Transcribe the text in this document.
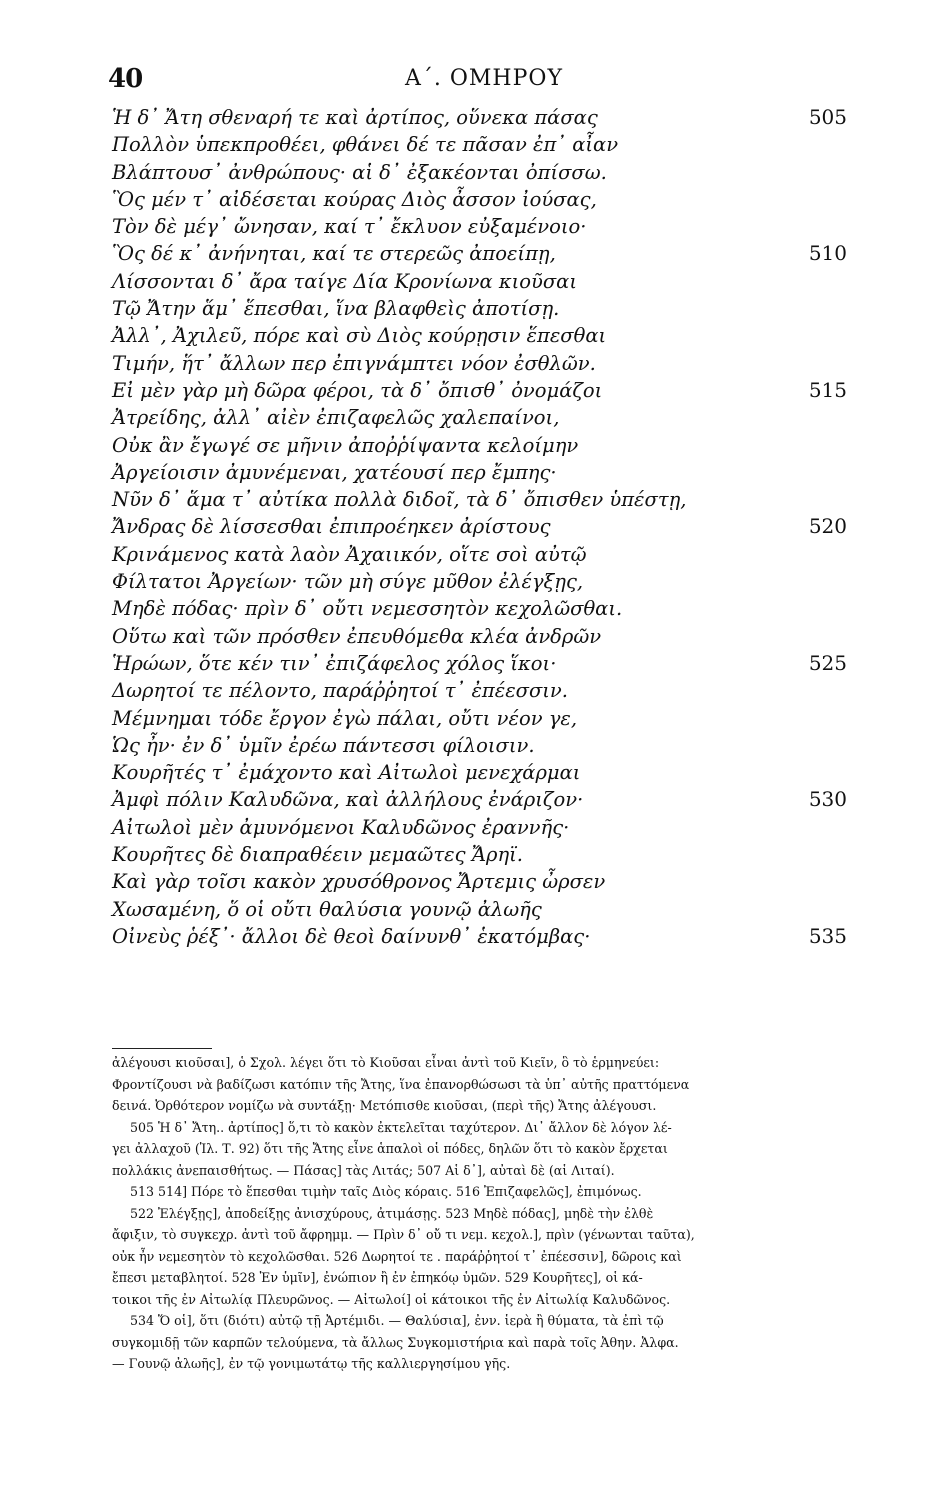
40	Α΄. ΟΜΗΡΟΥ
Ἡ δ᾽ Ἄτη σθεναρή τε καὶ ἀρτίπος, οὕνεκα πάσας	505
Πολλὸν ὑπεκπροθέει, φθάνει δέ τε πᾶσαν ἐπ᾽ αἶαν
Βλάπτουσ᾽ ἀνθρώπους· αἱ δ᾽ ἐξακέονται ὀπίσσω.
Ὃς μέν τ᾽ αἰδέσεται κούρας Διὸς ἆσσον ἰούσας,
Τὸν δὲ μέγ᾽ ὤνησαν, καί τ᾽ ἔκλυον εὐξαμένοιο·
Ὃς δέ κ᾽ ἀνήνηται, καί τε στερεῶς ἀποείπῃ,	510
Λίσσονται δ᾽ ἄρα ταίγε Δία Κρονίωνα κιοῦσαι
Τῷ Ἄτην ἅμ᾽ ἕπεσθαι, ἵνα βλαφθεὶς ἀποτίσῃ.
Ἀλλ᾽, Ἀχιλεῦ, πόρε καὶ σὺ Διὸς κούρῃσιν ἕπεσθαι
Τιμήν, ἥτ᾽ ἄλλων περ ἐπιγνάμπτει νόον ἐσθλῶν.
Εἰ μὲν γὰρ μὴ δῶρα φέροι, τὰ δ᾽ ὄπισθ᾽ ὀνομάζοι	515
Ἀτρείδης, ἀλλ᾽ αἰὲν ἐπιζαφελῶς χαλεπαίνοι,
Οὐκ ἂν ἔγωγέ σε μῆνιν ἀποῤῥίψαντα κελοίμην
Ἀργείοισιν ἀμυνέμεναι, χατέουσί περ ἔμπης·
Νῦν δ᾽ ἅμα τ᾽ αὐτίκα πολλὰ διδοῖ, τὰ δ᾽ ὄπισθεν ὑπέστῃ,
Ἄνδρας δὲ λίσσεσθαι ἐπιπροέηκεν ἀρίστους	520
Κρινάμενος κατὰ λαὸν Ἀχαιικόν, οἵτε σοὶ αὐτῷ
Φίλτατοι Ἀργείων· τῶν μὴ σύγε μῦθον ἐλέγξῃς,
Μηδὲ πόδας· πρὶν δ᾽ οὔτι νεμεσσητὸν κεχολῶσθαι.
Οὕτω καὶ τῶν πρόσθεν ἐπευθόμεθα κλέα ἀνδρῶν
Ἡρώων, ὅτε κέν τιν᾽ ἐπιζάφελος χόλος ἵκοι·	525
Δωρητοί τε πέλοντο, παράῤῥητοί τ᾽ ἐπέεσσιν.
Μέμνημαι τόδε ἔργον ἐγὼ πάλαι, οὔτι νέον γε,
Ὡς ἦν· ἐν δ᾽ ὑμῖν ἐρέω πάντεσσι φίλοισιν.
Κουρῆτές τ᾽ ἐμάχοντο καὶ Αἰτωλοὶ μενεχάρμαι
Ἀμφὶ πόλιν Καλυδῶνα, καὶ ἀλλήλους ἐνάριζον·	530
Αἰτωλοὶ μὲν ἀμυνόμενοι Καλυδῶνος ἐραννῆς·
Κουρῆτες δὲ διαπραθέειν μεμαῶτες Ἄρηϊ.
Καὶ γὰρ τοῖσι κακὸν χρυσόθρονος Ἄρτεμις ὦρσεν
Χωσαμένη, ὅ οἱ οὔτι θαλύσια γουνῷ ἀλωῆς
Οἰνεὺς ῥέξ᾽· ἄλλοι δὲ θεοὶ δαίνυνθ᾽ ἑκατόμβας·	535
ἀλέγουσι κιοῦσαι], ὁ Σχολ. λέγει ὅτι τὸ Κιοῦσαι εἶναι ἀντὶ τοῦ Κιεῖν, ὃ τὸ ἑρμηνεύει:
Φροντίζουσι νὰ βαδίζωσι κατόπιν τῆς Ἄτης, ἵνα ἐπανορθώσωσι τὰ ὑπ᾽ αὐτῆς πραττόμενα
δεινά. Ὀρθότερον νομίζω νὰ συντάξῃ· Μετόπισθε κιοῦσαι, (περὶ τῆς) Ἄτης ἀλέγουσι.
505 Ἡ δ᾽ Ἄτη.. ἀρτίπος] ὅ,τι τὸ κακὸν ἐκτελεῖται ταχύτερον. Δι᾽ ἄλλον δὲ λόγον λέ-
γει ἀλλαχοῦ (Ἰλ. Τ. 92) ὅτι τῆς Ἄτης εἶνε ἁπαλοὶ οἱ πόδες, δηλῶν ὅτι τὸ κακὸν ἔρχεται
πολλάκις ἀνεπαισθήτως. — Πάσας] τὰς Λιτάς; 507 Αἱ δ᾽], αὐταὶ δὲ (αἱ Λιταί).
513 514] Πόρε τὸ ἕπεσθαι τιμὴν ταῖς Διὸς κόραις. 516 Ἐπιζαφελῶς], ἐπιμόνως.
522 Ἐλέγξῃς], ἀποδείξῃς ἀνισχύρους, ἀτιμάσῃς. 523 Μηδὲ πόδας], μηδὲ τὴν ἐλθὲ
ἄφιξιν, τὸ συγκεχρ. ἀντὶ τοῦ ἄφρημμ. — Πρὶν δ᾽ οὔ τι νεμ. κεχολ.], πρὶν (γένωνται ταῦτα),
οὐκ ἦν νεμεσητὸν τὸ κεχολῶσθαι. 526 Δωρητοί τε . παράῤῥητοί τ᾽ ἐπέεσσιν], δῶροις καὶ
ἔπεσι μεταβλητοί. 528 Ἐν ὑμῖν], ἐνώπιον ἢ ἐν ἐπηκόῳ ὑμῶν. 529 Κουρῆτες], οἱ κά-
τοικοι τῆς ἐν Αἰτωλίᾳ Πλευρῶνος. — Αἰτωλοί] οἱ κάτοικοι τῆς ἐν Αἰτωλίᾳ Καλυδῶνος.
534 Ὅ οἱ], ὅτι (διότι) αὐτῷ τῇ Ἀρτέμιδι. — Θαλύσια], ἐνν. ἱερὰ ἢ θύματα, τὰ ἐπὶ τῷ
συγκομιδῇ τῶν καρπῶν τελούμενα, τὰ ἄλλως Συγκομιστήρια καὶ παρὰ τοῖς Ἀθην. Ἀλφα.
— Γουνῷ ἀλωῆς], ἐν τῷ γονιμωτάτῳ τῆς καλλιεργησίμου γῆς.
